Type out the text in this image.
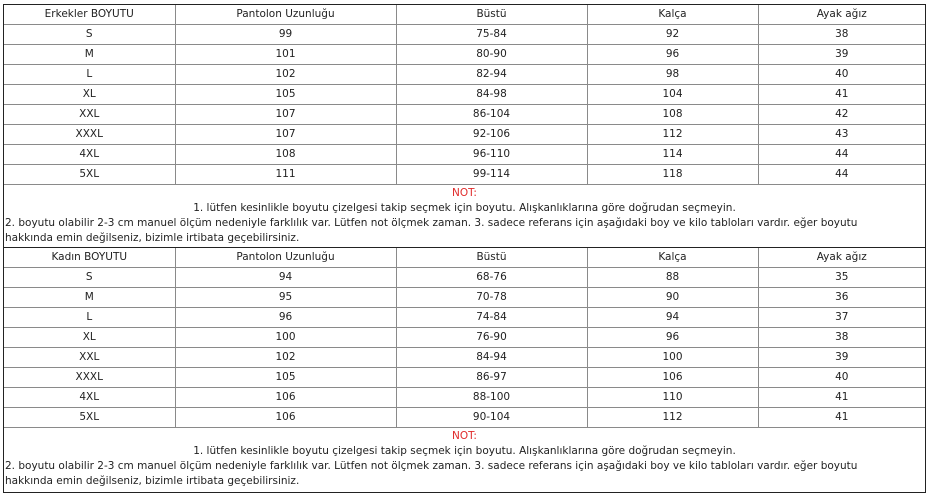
Erkekler BOYUTU	Pantolon Uzunluğu	Büstü	Kalça	Ayak ağız
S	99	75-84	92	38
M	101	80-90	96	39
L	102	82-94	98	40
XL	105	84-98	104	41
XXL	107	86-104	108	42
XXXL	107	92-106	112	43
4XL	108	96-110	114	44
5XL	111	99-114	118	44
NOT:
1. lütfen kesinlikle boyutu çizelgesi takip seçmek için boyutu. Alışkanlıklarına göre doğrudan seçmeyin.
2. boyutu olabilir 2-3 cm manuel ölçüm nedeniyle farklılık var. Lütfen not ölçmek zaman. 3. sadece referans için aşağıdaki boy ve kilo tabloları vardır. eğer boyutu hakkında emin değilseniz, bizimle irtibata geçebilirsiniz.
Kadın BOYUTU	Pantolon Uzunluğu	Büstü	Kalça	Ayak ağız
S	94	68-76	88	35
M	95	70-78	90	36
L	96	74-84	94	37
XL	100	76-90	96	38
XXL	102	84-94	100	39
XXXL	105	86-97	106	40
4XL	106	88-100	110	41
5XL	106	90-104	112	41
NOT:
1. lütfen kesinlikle boyutu çizelgesi takip seçmek için boyutu. Alışkanlıklarına göre doğrudan seçmeyin.
2. boyutu olabilir 2-3 cm manuel ölçüm nedeniyle farklılık var. Lütfen not ölçmek zaman. 3. sadece referans için aşağıdaki boy ve kilo tabloları vardır. eğer boyutu hakkında emin değilseniz, bizimle irtibata geçebilirsiniz.
